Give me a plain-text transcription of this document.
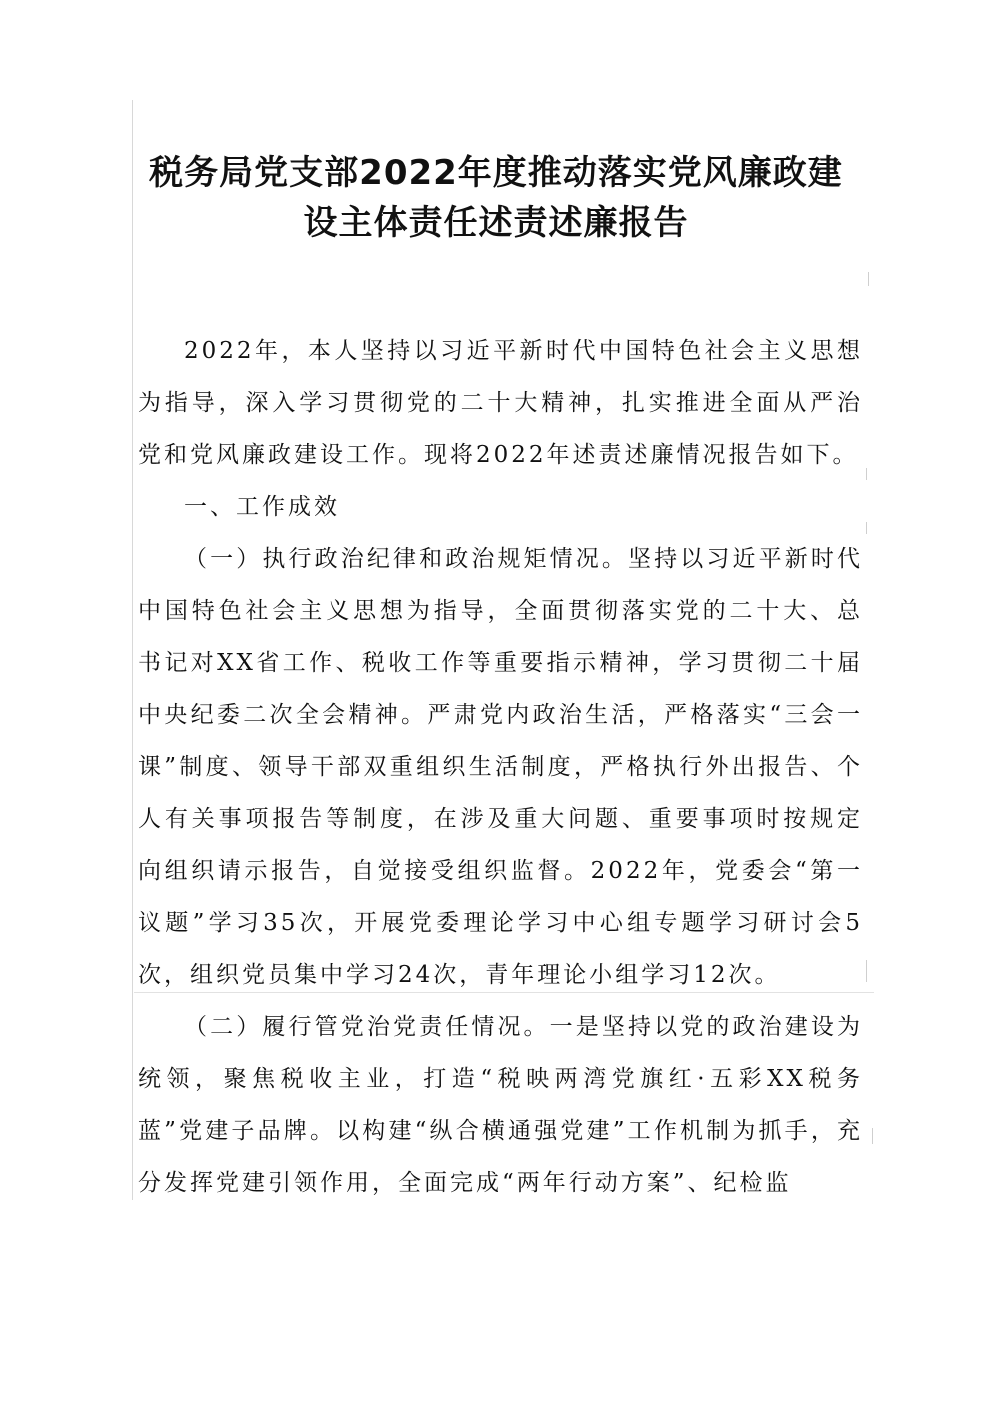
税务局党支部2022年度推动落实党风廉政建
设主体责任述责述廉报告

2022年，本人坚持以习近平新时代中国特色社会主义思想为指导，深入学习贯彻党的二十大精神，扎实推进全面从严治党和党风廉政建设工作。现将2022年述责述廉情况报告如下。

一、工作成效

（一）执行政治纪律和政治规矩情况。坚持以习近平新时代中国特色社会主义思想为指导，全面贯彻落实党的二十大、总书记对XX省工作、税收工作等重要指示精神，学习贯彻二十届中央纪委二次全会精神。严肃党内政治生活，严格落实“三会一课”制度、领导干部双重组织生活制度，严格执行外出报告、个人有关事项报告等制度，在涉及重大问题、重要事项时按规定向组织请示报告，自觉接受组织监督。2022年，党委会“第一议题”学习35次，开展党委理论学习中心组专题学习研讨会5次，组织党员集中学习24次，青年理论小组学习12次。

（二）履行管党治党责任情况。一是坚持以党的政治建设为统领，聚焦税收主业，打造“税映两湾党旗红·五彩XX税务蓝”党建子品牌。以构建“纵合横通强党建”工作机制为抓手，充分发挥党建引领作用，全面完成“两年行动方案”、纪检监
